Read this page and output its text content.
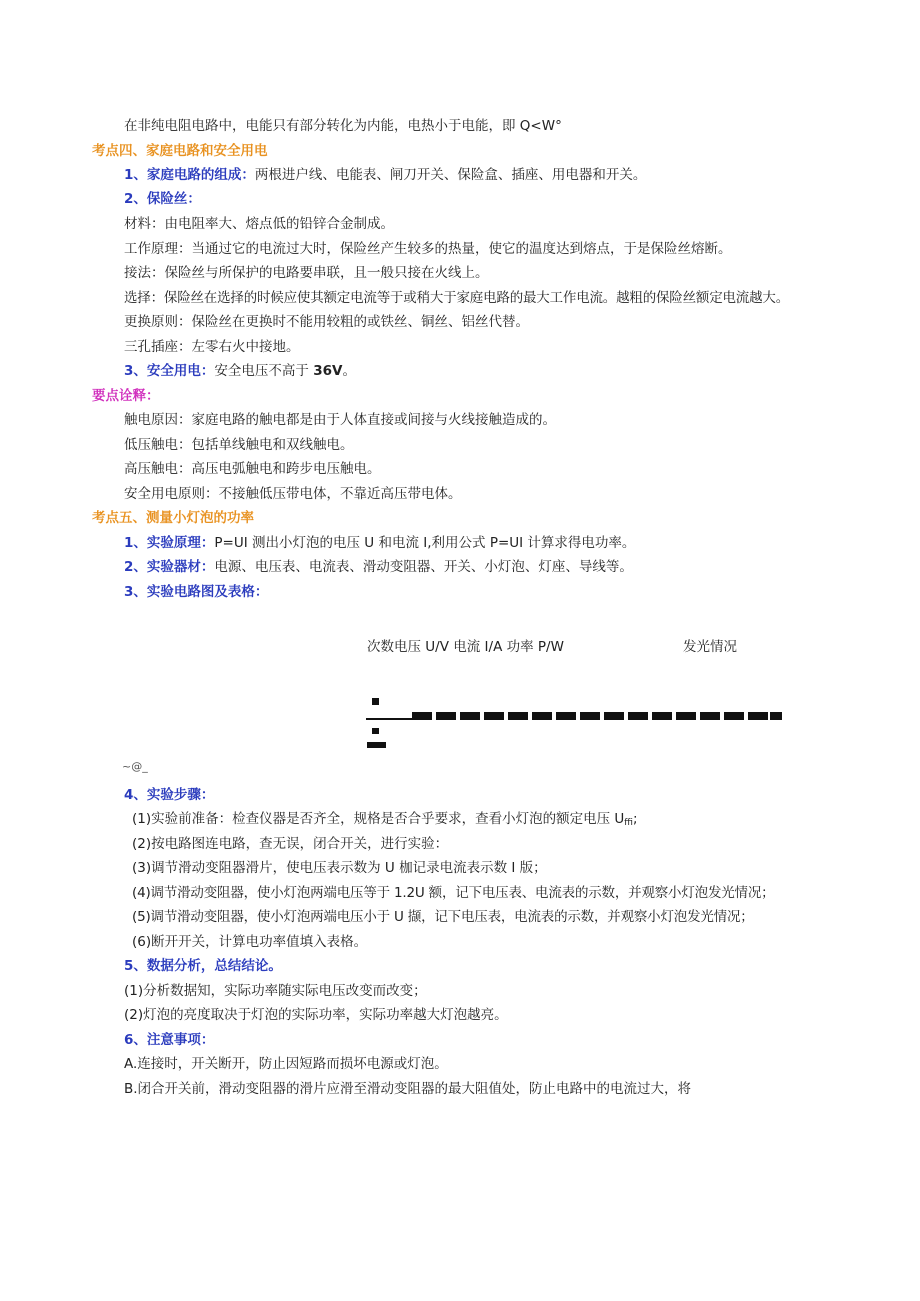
在非纯电阻电路中，电能只有部分转化为内能，电热小于电能，即 Q<W°
考点四、家庭电路和安全用电
1、家庭电路的组成：两根进户线、电能表、闸刀开关、保险盒、插座、用电器和开关。
2、保险丝：
材料：由电阻率大、熔点低的铅锌合金制成。
工作原理：当通过它的电流过大时，保险丝产生较多的热量，使它的温度达到熔点，于是保险丝熔断。
接法：保险丝与所保护的电路要串联，且一般只接在火线上。
选择：保险丝在选择的时候应使其额定电流等于或稍大于家庭电路的最大工作电流。越粗的保险丝额定电流越大。
更换原则：保险丝在更换时不能用较粗的或铁丝、铜丝、铝丝代替。
三孔插座：左零右火中接地。
3、安全用电：安全电压不高于 36V。
要点诠释：
触电原因：家庭电路的触电都是由于人体直接或间接与火线接触造成的。
低压触电：包括单线触电和双线触电。
高压触电：高压电弧触电和跨步电压触电。
安全用电原则：不接触低压带电体，不靠近高压带电体。
考点五、测量小灯泡的功率
1、实验原理：P=UI 测出小灯泡的电压 U 和电流 I,利用公式 P=UI 计算求得电功率。
2、实验器材：电源、电压表、电流表、滑动变阻器、开关、小灯泡、灯座、导线等。
3、实验电路图及表格：
次数电压 U/V 电流 I/A 功率 P/W	发光情况
~@_
4、实验步骤：
(1)实验前准备：检查仪器是否齐全，规格是否合乎要求，查看小灯泡的额定电压 $U_{ffi}$;
(2)按电路图连电路，查无误，闭合开关，进行实验：
(3)调节滑动变阻器滑片，使电压表示数为 U 枷记录电流表示数 I 版；
(4)调节滑动变阻器，使小灯泡两端电压等于 1.2U 额，记下电压表、电流表的示数，并观察小灯泡发光情况；
(5)调节滑动变阻器，使小灯泡两端电压小于 U 撷，记下电压表，电流表的示数，并观察小灯泡发光情况；
(6)断开开关，计算电功率值填入表格。
5、数据分析，总结结论。
(1)分析数据知，实际功率随实际电压改变而改变；
(2)灯泡的亮度取决于灯泡的实际功率，实际功率越大灯泡越亮。
6、注意事项：
A.连接时，开关断开，防止因短路而损坏电源或灯泡。
B.闭合开关前，滑动变阻器的滑片应滑至滑动变阻器的最大阻值处，防止电路中的电流过大，将
